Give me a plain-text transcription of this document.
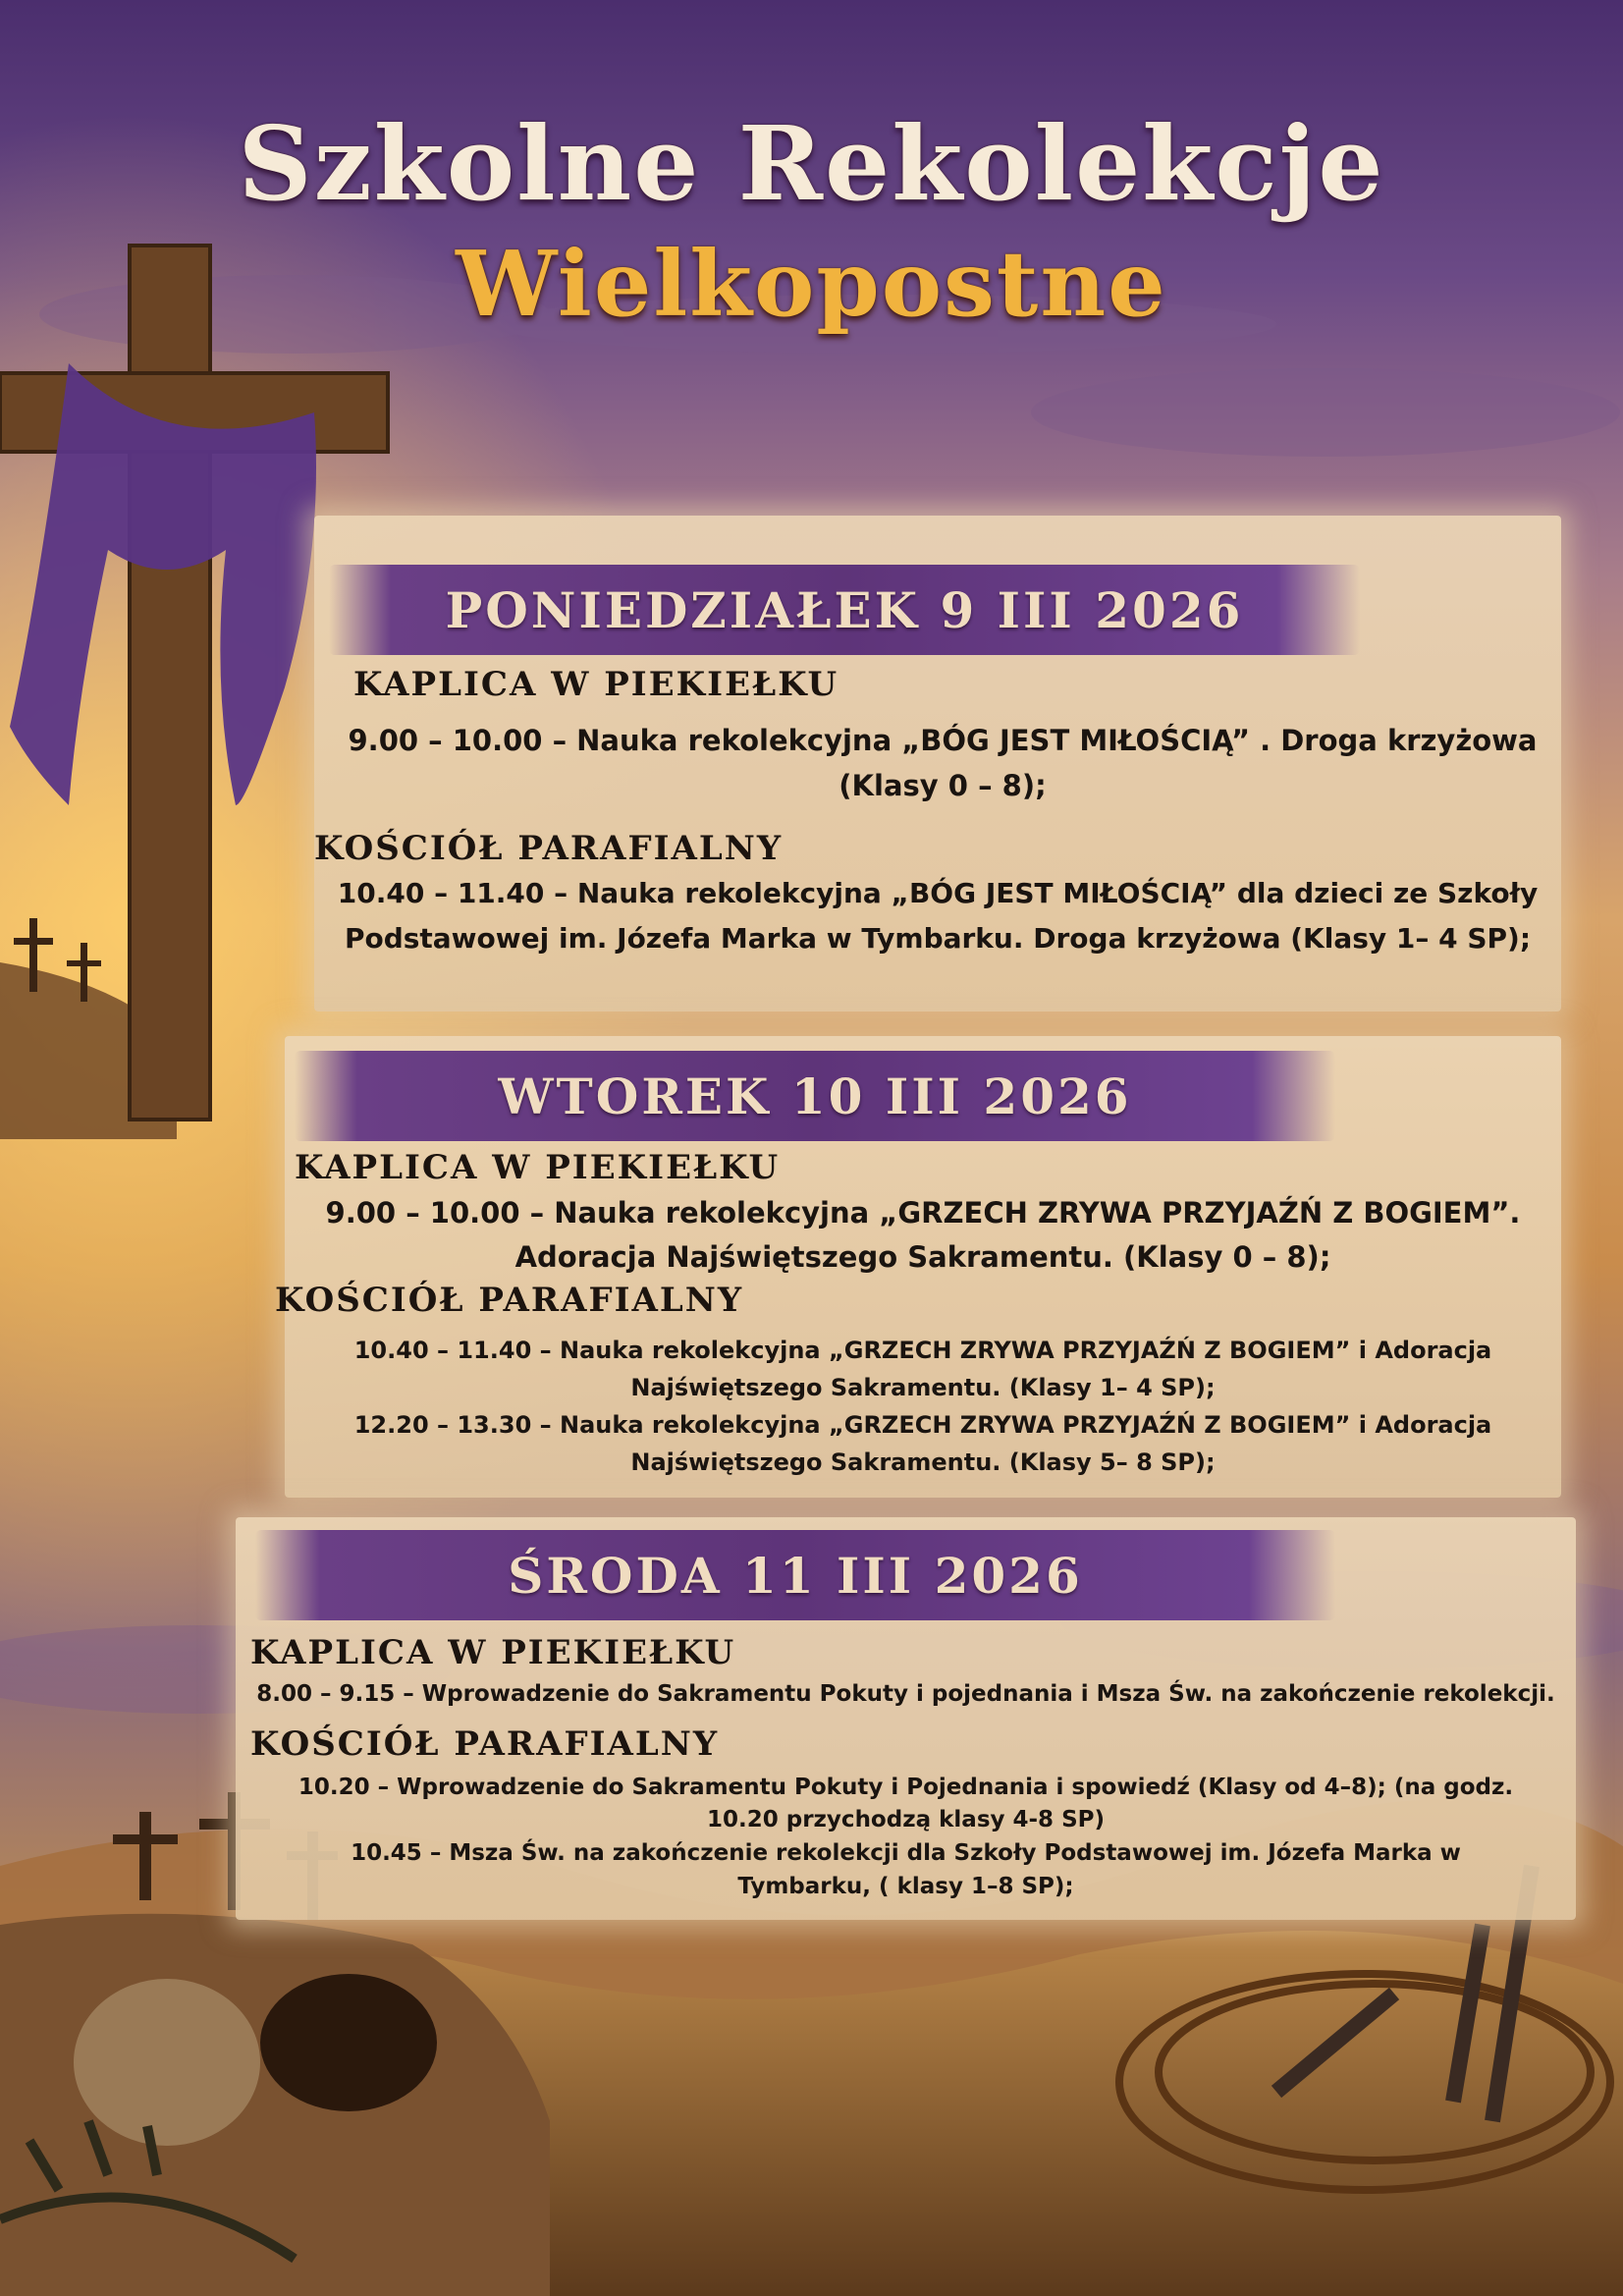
Szkolne Rekolekcje
Wielkopostne
PONIEDZIAŁEK 9 III 2026
KAPLICA W PIEKIEŁKU
9.00 – 10.00 – Nauka rekolekcyjna „BÓG JEST MIŁOŚCIĄ” . Droga krzyżowa
(Klasy 0 – 8);
KOŚCIÓŁ PARAFIALNY
10.40 – 11.40 – Nauka rekolekcyjna „BÓG JEST MIŁOŚCIĄ” dla dzieci ze Szkoły
Podstawowej im. Józefa Marka w Tymbarku. Droga krzyżowa (Klasy 1– 4 SP);
WTOREK 10 III 2026
KAPLICA W PIEKIEŁKU
9.00 – 10.00 – Nauka rekolekcyjna „GRZECH ZRYWA PRZYJAŹŃ Z BOGIEM”.
Adoracja Najświętszego Sakramentu. (Klasy 0 – 8);
KOŚCIÓŁ PARAFIALNY
10.40 – 11.40 – Nauka rekolekcyjna „GRZECH ZRYWA PRZYJAŹŃ Z BOGIEM” i Adoracja
Najświętszego Sakramentu. (Klasy 1– 4 SP);
12.20 – 13.30 – Nauka rekolekcyjna „GRZECH ZRYWA PRZYJAŹŃ Z BOGIEM” i Adoracja
Najświętszego Sakramentu. (Klasy 5– 8 SP);
ŚRODA 11 III 2026
KAPLICA W PIEKIEŁKU
8.00 – 9.15 – Wprowadzenie do Sakramentu Pokuty i pojednania i Msza Św. na zakończenie rekolekcji.
KOŚCIÓŁ PARAFIALNY
10.20 – Wprowadzenie do Sakramentu Pokuty i Pojednania i spowiedź (Klasy od 4–8); (na godz.
10.20 przychodzą klasy 4-8 SP)
10.45 – Msza Św. na zakończenie rekolekcji dla Szkoły Podstawowej im. Józefa Marka w
Tymbarku, ( klasy 1–8 SP);
